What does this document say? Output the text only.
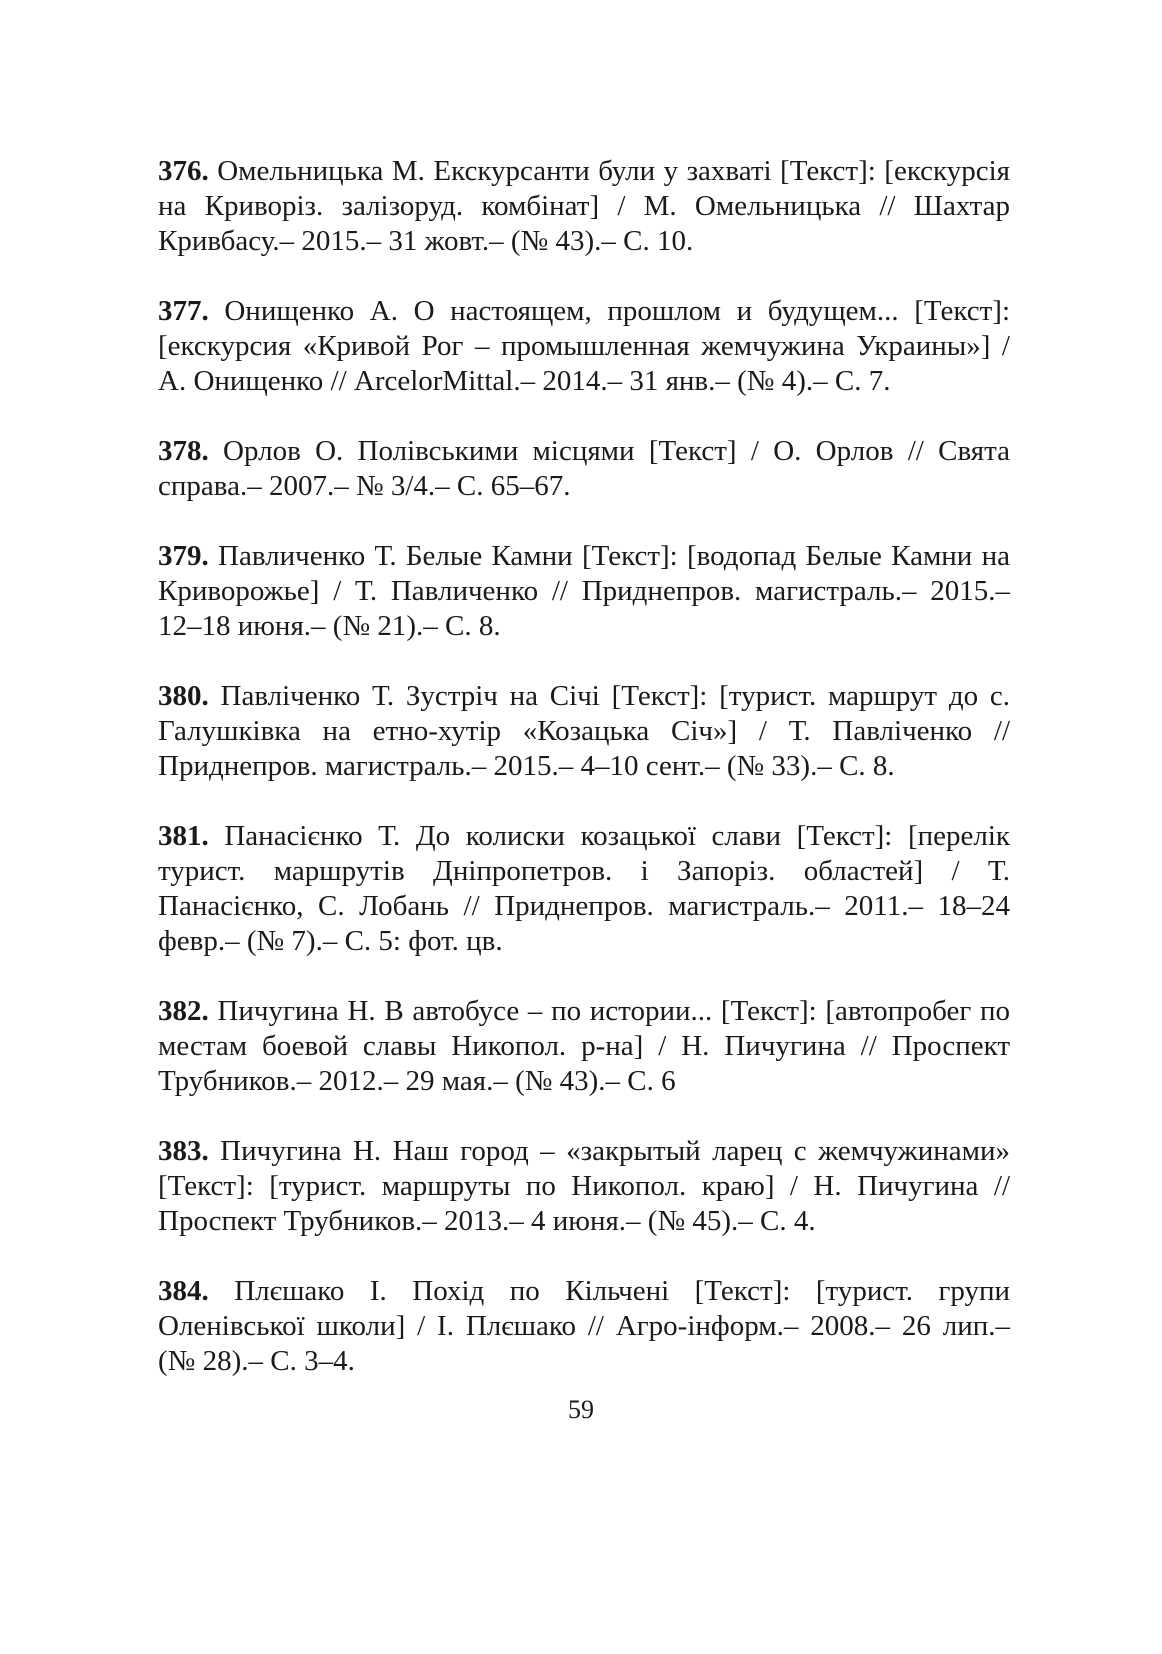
376. Омельницька М. Екскурсанти були у захваті [Текст]: [екскурсія на Криворіз. залізоруд. комбінат] / М. Омельницька // Шахтар Кривбасу.– 2015.– 31 жовт.– (№ 43).– С. 10.

377. Онищенко А. О настоящем, прошлом и будущем... [Текст]: [екскурсия «Кривой Рог – промышленная жемчужина Украины»] / А. Онищенко // ArcelorMittal.– 2014.– 31 янв.– (№ 4).– С. 7.

378. Орлов О. Полівськими місцями [Текст] / О. Орлов // Свята справа.– 2007.– № 3/4.– С. 65–67.

379. Павличенко Т. Белые Камни [Текст]: [водопад Белые Камни на Криворожье] / Т. Павличенко // Приднепров. магистраль.– 2015.– 12–18 июня.– (№ 21).– С. 8.

380. Павліченко Т. Зустріч на Січі [Текст]: [турист. маршрут до с. Галушківка на етно-хутір «Козацька Січ»] / Т. Павліченко // Приднепров. магистраль.– 2015.– 4–10 сент.– (№ 33).– С. 8.

381. Панасієнко Т. До колиски козацької слави [Текст]: [перелік турист. маршрутів Дніпропетров. і Запоріз. областей] / Т. Панасієнко, С. Лобань // Приднепров. магистраль.– 2011.– 18–24 февр.– (№ 7).– С. 5: фот. цв.

382. Пичугина Н. В автобусе – по истории... [Текст]: [автопробег по местам боевой славы Никопол. р-на] / Н. Пичугина // Проспект Трубников.– 2012.– 29 мая.– (№ 43).– С. 6

383. Пичугина Н. Наш город – «закрытый ларец с жемчужинами» [Текст]: [турист. маршруты по Никопол. краю] / Н. Пичугина // Проспект Трубников.– 2013.– 4 июня.– (№ 45).– С. 4.

384. Плєшако І. Похід по Кільчені [Текст]: [турист. групи Оленівської школи] / І. Плєшако // Агро-інформ.– 2008.– 26 лип.– (№ 28).– С. 3–4.

59
